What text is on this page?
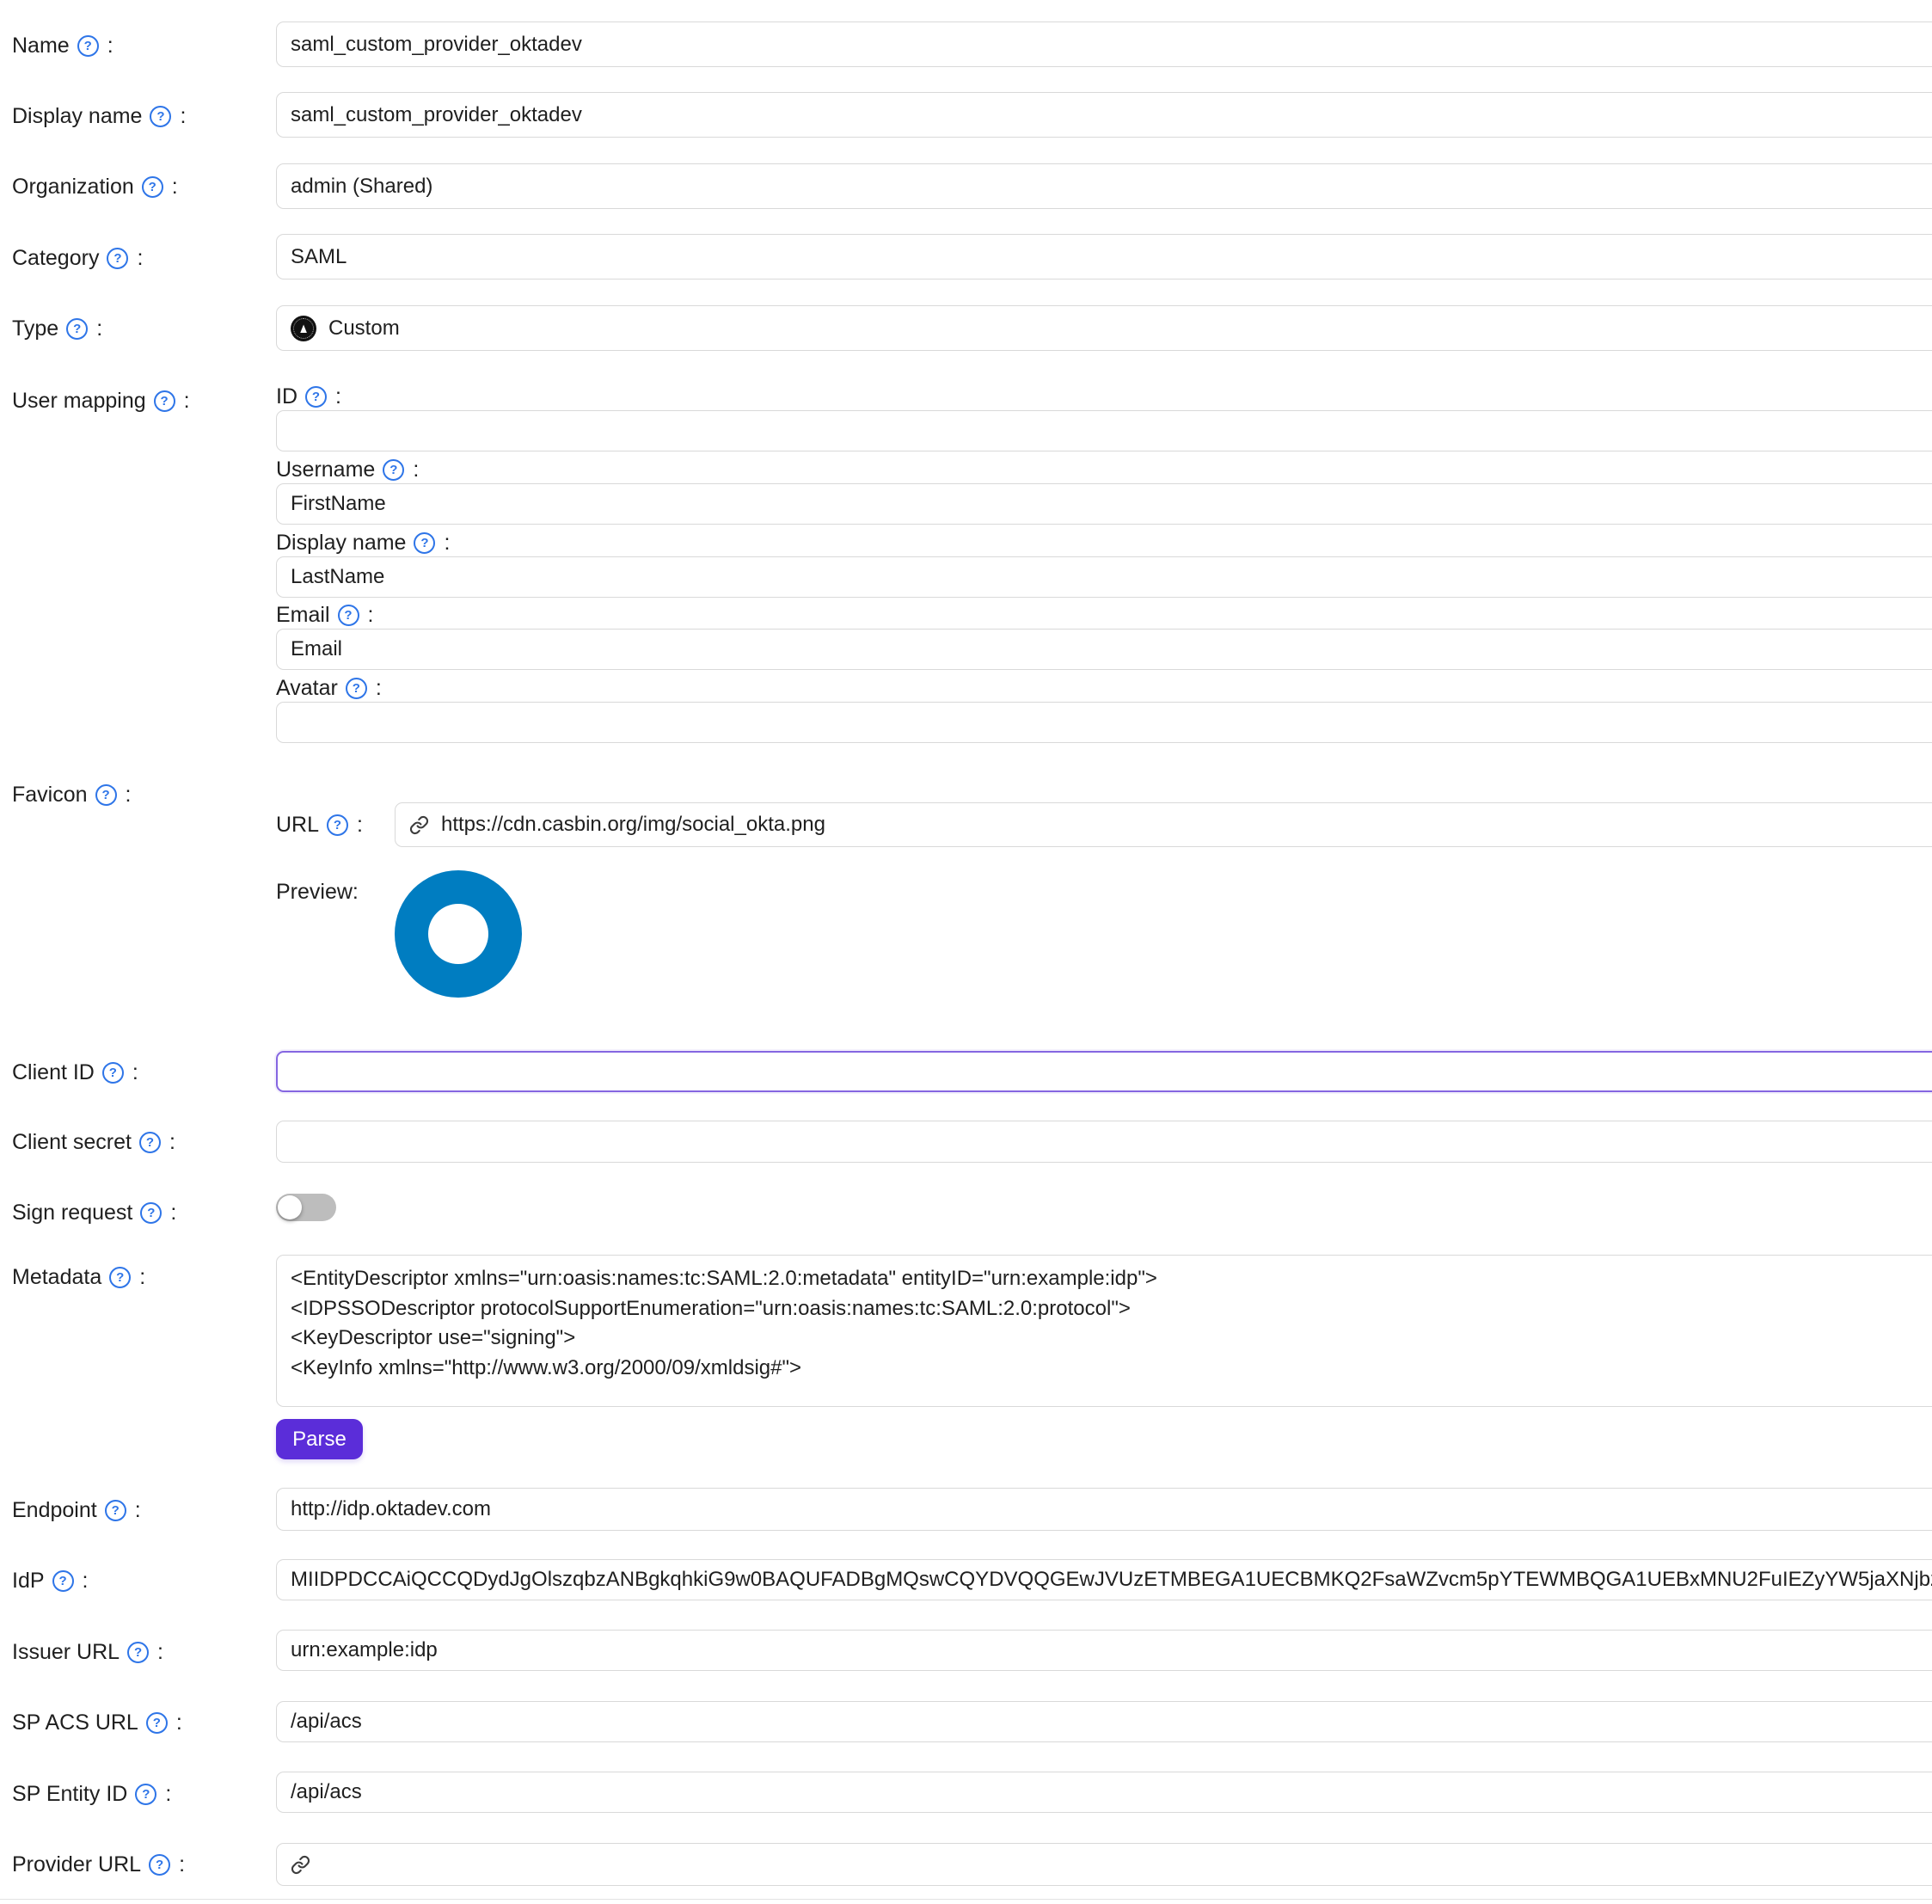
Name	? :
saml_custom_provider_oktadev
Display name	? :
saml_custom_provider_oktadev
Organization	? :	admin (Shared)
Category	? :	SAML
Type	? :	▲ Custom
User mapping	? :	ID	? :
Username	? :
FirstName
Display name	? :
LastName
Email	? :
Email
Avatar	? :
Favicon	? :
URL	? :	https://cdn.casbin.org/img/social_okta.png
Preview:
Client ID	? :
Client secret	? :
Sign request	? :
Metadata	? :	<EntityDescriptor xmlns="urn:oasis:names:tc:SAML:2.0:metadata" entityID="urn:example:idp">
<IDPSSODescriptor protocolSupportEnumeration="urn:oasis:names:tc:SAML:2.0:protocol">
<KeyDescriptor use="signing">
<KeyInfo xmlns="http://www.w3.org/2000/09/xmldsig#">
Parse
Endpoint	? :
http://idp.oktadev.com
IdP	? :
MIIDPDCCAiQCCQDydJgOlszqbzANBgkqhkiG9w0BAQUFADBgMQswCQYDVQQGEwJVUzETMBEGA1UECBMKQ2FsaWZvcm5pYTEWMBQGA1UEBxMNU2FuIEZyYW5jaXNjbzEQMA4GA1UEChMHSm
Issuer URL	? :
urn:example:idp
SP ACS URL	? :
/api/acs
SP Entity ID	? :
/api/acs
Provider URL	? :
